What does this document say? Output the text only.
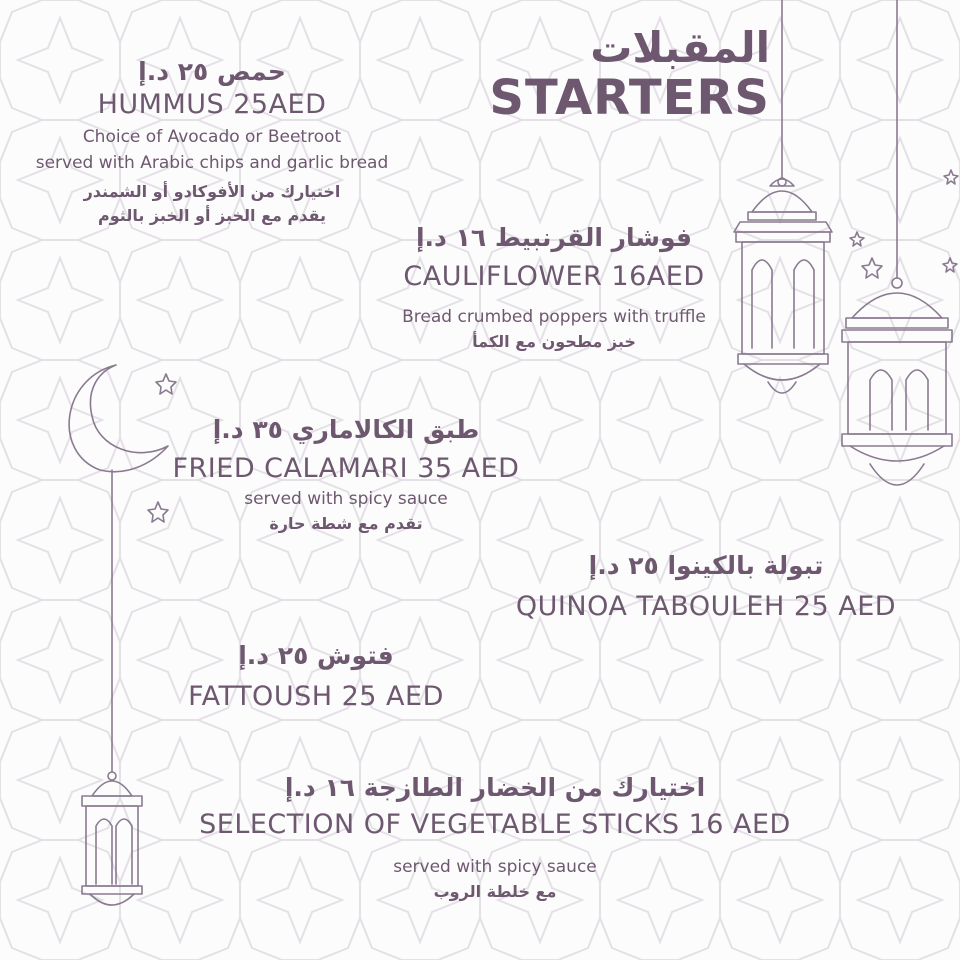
المقبلات
STARTERS
حمص ٢٥ د.إ
HUMMUS 25AED
Choice of Avocado or Beetroot
served with Arabic chips and garlic bread
اختيارك من الأفوكادو أو الشمندر
يقدم مع الخبز أو الخبز بالثوم
فوشار القرنبيط ١٦ د.إ
CAULIFLOWER 16AED
Bread crumbed poppers with truffle
خبز مطحون مع الكمأ
طبق الكالاماري ٣٥ د.إ
FRIED CALAMARI 35 AED
served with spicy sauce
تقدم مع شطة حارة
تبولة بالكينوا ٢٥ د.إ
QUINOA TABOULEH 25 AED
فتوش ٢٥ د.إ
FATTOUSH 25 AED
اختيارك من الخضار الطازجة ١٦ د.إ
SELECTION OF VEGETABLE STICKS 16 AED
served with spicy sauce
مع خلطة الروب
